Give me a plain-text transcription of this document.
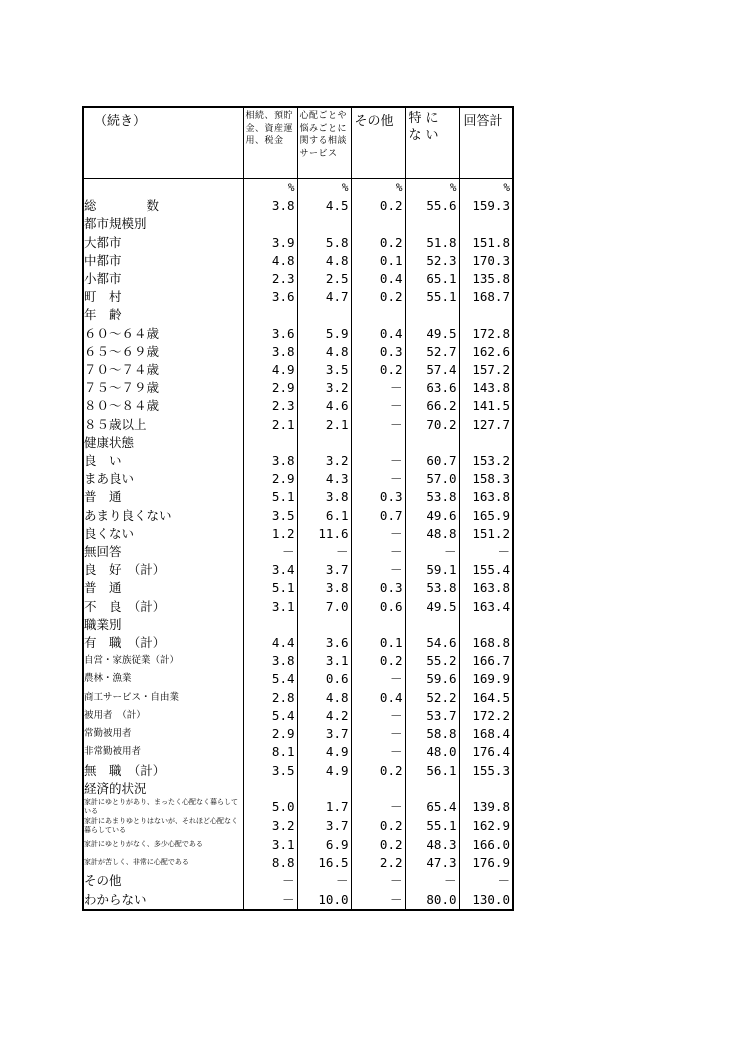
（続き）	相続、預貯金、資産運用、税金	心配ごとや悩みごとに関する相談サービス	その他	特にない	回答計
	%	%	%	%	%
総　　　　数	3.8	4.5	0.2	55.6	159.3
都市規模別					
大都市	3.9	5.8	0.2	51.8	151.8
中都市	4.8	4.8	0.1	52.3	170.3
小都市	2.3	2.5	0.4	65.1	135.8
町　村	3.6	4.7	0.2	55.1	168.7
年　齢					
６０～６４歳	3.6	5.9	0.4	49.5	172.8
６５～６９歳	3.8	4.8	0.3	52.7	162.6
７０～７４歳	4.9	3.5	0.2	57.4	157.2
７５～７９歳	2.9	3.2	－	63.6	143.8
８０～８４歳	2.3	4.6	－	66.2	141.5
８５歳以上	2.1	2.1	－	70.2	127.7
健康状態					
良　い	3.8	3.2	－	60.7	153.2
まあ良い	2.9	4.3	－	57.0	158.3
普　通	5.1	3.8	0.3	53.8	163.8
あまり良くない	3.5	6.1	0.7	49.6	165.9
良くない	1.2	11.6	－	48.8	151.2
無回答	－	－	－	－	－
良　好　（計）	3.4	3.7	－	59.1	155.4
普　通	5.1	3.8	0.3	53.8	163.8
不　良　（計）	3.1	7.0	0.6	49.5	163.4
職業別					
有　職　（計）	4.4	3.6	0.1	54.6	168.8
自営・家族従業（計）	3.8	3.1	0.2	55.2	166.7
農林・漁業	5.4	0.6	－	59.6	169.9
商工サービス・自由業	2.8	4.8	0.4	52.2	164.5
被用者　（計）	5.4	4.2	－	53.7	172.2
常勤被用者	2.9	3.7	－	58.8	168.4
非常勤被用者	8.1	4.9	－	48.0	176.4
無　職　（計）	3.5	4.9	0.2	56.1	155.3
経済的状況					
家計にゆとりがあり、まったく心配なく暮らしている	5.0	1.7	－	65.4	139.8
家計にあまりゆとりはないが、それほど心配なく暮らしている	3.2	3.7	0.2	55.1	162.9
家計にゆとりがなく、多少心配である	3.1	6.9	0.2	48.3	166.0
家計が苦しく、非常に心配である	8.8	16.5	2.2	47.3	176.9
その他	－	－	－	－	－
わからない	－	10.0	－	80.0	130.0
